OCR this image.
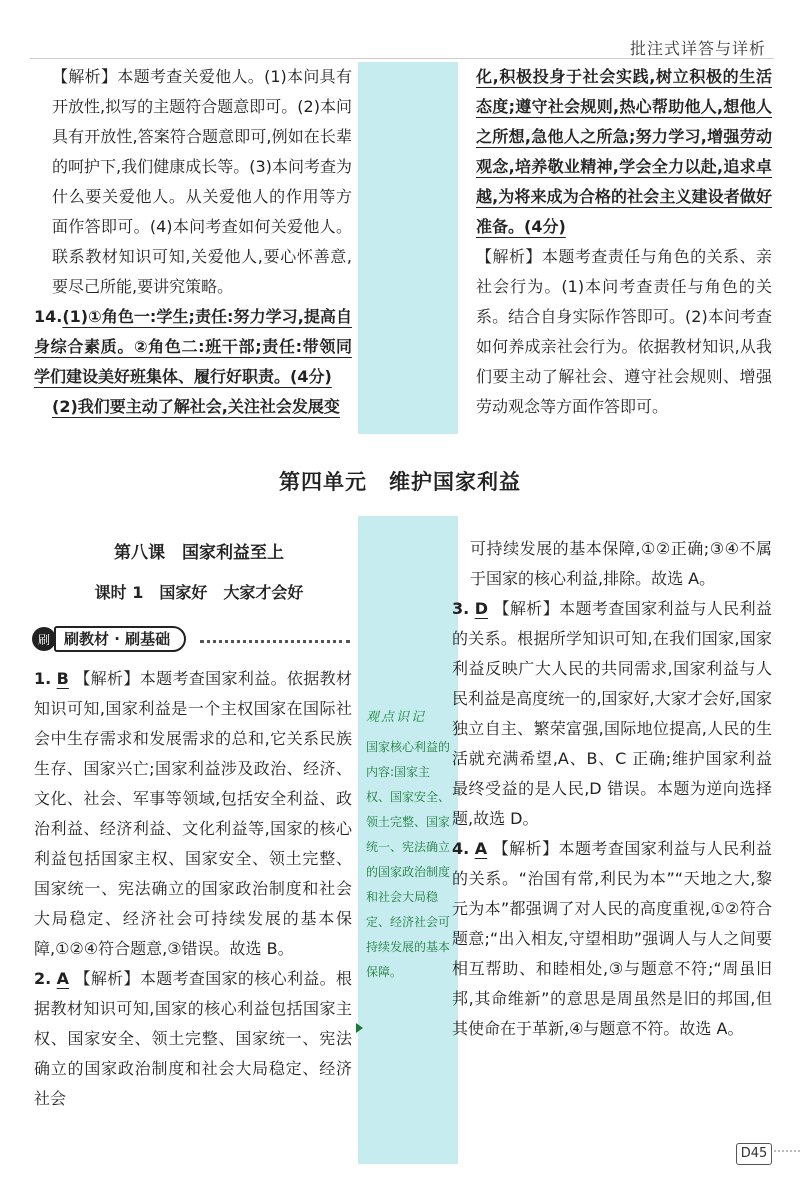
批注式详答与详析

【解析】本题考查关爱他人。(1)本问具有开放性,拟写的主题符合题意即可。(2)本问具有开放性,答案符合题意即可,例如在长辈的呵护下,我们健康成长等。(3)本问考查为什么要关爱他人。从关爱他人的作用等方面作答即可。(4)本问考查如何关爱他人。联系教材知识可知,关爱他人,要心怀善意,要尽己所能,要讲究策略。

14.(1)①角色一:学生;责任:努力学习,提高自身综合素质。②角色二:班干部;责任:带领同学们建设美好班集体、履行好职责。(4分)

(2)我们要主动了解社会,关注社会发展变

化,积极投身于社会实践,树立积极的生活态度;遵守社会规则,热心帮助他人,想他人之所想,急他人之所急;努力学习,增强劳动观念,培养敬业精神,学会全力以赴,追求卓越,为将来成为合格的社会主义建设者做好准备。(4分)

【解析】本题考查责任与角色的关系、亲社会行为。(1)本问考查责任与角色的关系。结合自身实际作答即可。(2)本问考查如何养成亲社会行为。依据教材知识,从我们要主动了解社会、遵守社会规则、增强劳动观念等方面作答即可。

第四单元　维护国家利益
第八课　国家利益至上
课时 1　国家好　大家才会好
刷 刷教材 · 刷基础

1. B 【解析】本题考查国家利益。依据教材知识可知,国家利益是一个主权国家在国际社会中生存需求和发展需求的总和,它关系民族生存、国家兴亡;国家利益涉及政治、经济、文化、社会、军事等领域,包括安全利益、政治利益、经济利益、文化利益等,国家的核心利益包括国家主权、国家安全、领土完整、国家统一、宪法确立的国家政治制度和社会大局稳定、经济社会可持续发展的基本保障,①②④符合题意,③错误。故选 B。

2. A 【解析】本题考查国家的核心利益。根据教材知识可知,国家的核心利益包括国家主权、国家安全、领土完整、国家统一、宪法确立的国家政治制度和社会大局稳定、经济社会

观点识记
国家核心利益的内容:国家主权、国家安全、领土完整、国家统一、宪法确立的国家政治制度和社会大局稳定、经济社会可持续发展的基本保障。

可持续发展的基本保障,①②正确;③④不属于国家的核心利益,排除。故选 A。

3. D 【解析】本题考查国家利益与人民利益的关系。根据所学知识可知,在我们国家,国家利益反映广大人民的共同需求,国家利益与人民利益是高度统一的,国家好,大家才会好,国家独立自主、繁荣富强,国际地位提高,人民的生活就充满希望,A、B、C 正确;维护国家利益最终受益的是人民,D 错误。本题为逆向选择题,故选 D。

4. A 【解析】本题考查国家利益与人民利益的关系。“治国有常,利民为本”“天地之大,黎元为本”都强调了对人民的高度重视,①②符合题意;“出入相友,守望相助”强调人与人之间要相互帮助、和睦相处,③与题意不符;“周虽旧邦,其命维新”的意思是周虽然是旧的邦国,但其使命在于革新,④与题意不符。故选 A。

D45
